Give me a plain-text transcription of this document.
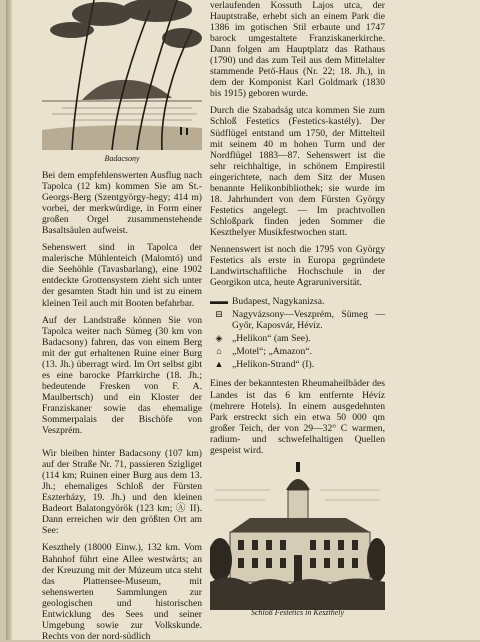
Badacsony

Bei dem empfehlenswerten Ausflug nach Tapolca (12 km) kommen Sie am St.-Georgs-Berg (Szentgyörgy-hegy; 414 m) vorbei, der merkwürdige, in Form einer großen Orgel zusammenstehende Basaltsäulen aufweist.

Sehenswert sind in Tapolca der malerische Mühlenteich (Malomtó) und die Seehöhle (Tavasbarlang), eine 1902 entdeckte Grottensystem zieht sich unter der gesamten Stadt hin und ist zu einem kleinen Teil auch mit Booten befahrbar.

Auf der Landstraße können Sie von Tapolca weiter nach Sümeg (30 km von Badacsony) fahren, das von einem Berg mit der gut erhaltenen Ruine einer Burg (13. Jh.) überragt wird. Im Ort selbst gibt es eine barocke Pfarrkirche (18. Jh.; bedeutende Fresken von F. A. Maulbertsch) und ein Kloster der Franziskaner sowie das ehemalige Sommerpalais der Bischöfe von Veszprém.

Wir bleiben hinter Badacsony (107 km) auf der Straße Nr. 71, passieren Szigliget (114 km; Ruinen einer Burg aus dem 13. Jh.; ehemaliges Schloß der Fürsten Eszterházy, 19. Jh.) und den kleinen Badeort Balatongyörök (123 km; Ⓐ II). Dann erreichen wir den größten Ort am See:

Keszthely (18000 Einw.), 132 km. Vom Bahnhof führt eine Allee westwärts; an der Kreuzung mit der Múzeum utca steht das Plattensee-Museum, mit sehenswerten Sammlungen zur geologischen und historischen Entwicklung des Sees und seiner Umgebung sowie zur Volkskunde. Rechts von der nord-südlich

verlaufenden Kossuth Lajos utca, der Hauptstraße, erhebt sich an einem Park die 1386 im gotischen Stil erbaute und 1747 barock umgestaltete Franziskanerkirche. Dann folgen am Hauptplatz das Rathaus (1790) und das zum Teil aus dem Mittelalter stammende Pető-Haus (Nr. 22; 18. Jh.), in dem der Komponist Karl Goldmark (1830 bis 1915) geboren wurde.

Durch die Szabadság utca kommen Sie zum Schloß Festetics (Festetics-kastély). Der Südflügel entstand um 1750, der Mittelteil mit seinem 40 m hohen Turm und der Nordflügel 1883—87. Sehenswert ist die sehr reichhaltige, in schönem Empirestil eingerichtete, nach dem Sitz der Musen benannte Helikonbibliothek; sie wurde im 18. Jahrhundert von dem Fürsten György Festetics angelegt. — Im prachtvollen Schloßpark finden jeden Sommer die Keszthelyer Musikfestwochen statt.

Nennenswert ist noch die 1795 von György Festetics als erste in Europa gegründete Landwirtschaftliche Hochschule in der Georgikon utca, heute Agraruniversität.

▬▬ Budapest, Nagykanizsa.
⊟ Nagyvázsony—Veszprém, Sümeg —Győr, Kaposvár, Hévíz.
◈ „Helikon“ (am See).
⌂	„Motel“; „Amazon“.
▲ „Helikon-Strand“ (I).

Eines der bekanntesten Rheumaheilbäder des Landes ist das 6 km entfernte Hévíz (mehrere Hotels). In einem ausgedehnten Park erstreckt sich ein etwa 50 000 qm großer Teich, der von 29—32° C warmen, radium- und schwefelhaltigen Quellen gespeist wird.

Schloß Festetics in Keszthely
